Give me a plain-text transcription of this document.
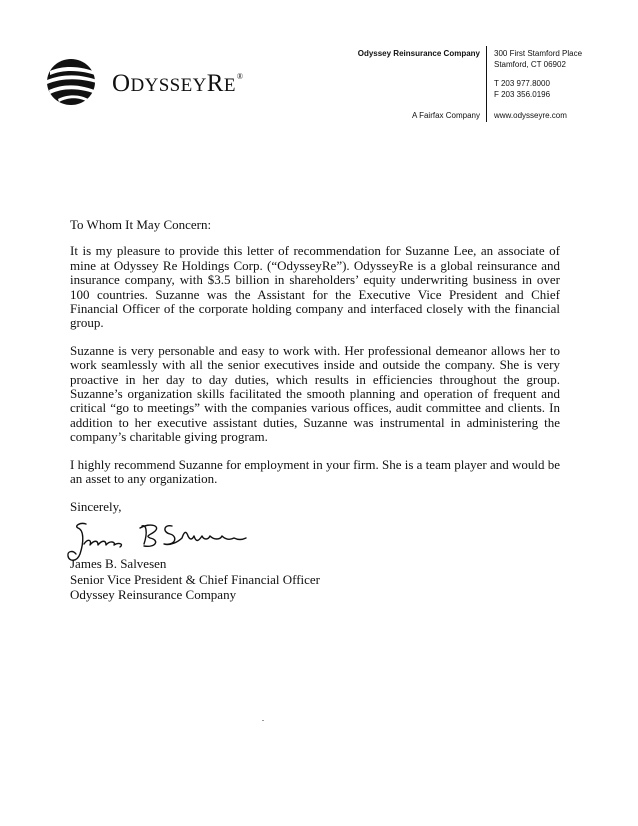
ODYSSEYRE®
Odyssey Reinsurance Company
A Fairfax Company
300 First Stamford Place
Stamford, CT 06902
T 203 977.8000
F 203 356.0196
www.odysseyre.com

To Whom It May Concern:

It is my pleasure to provide this letter of recommendation for Suzanne Lee, an associate of mine at Odyssey Re Holdings Corp. (“OdysseyRe”). OdysseyRe is a global reinsurance and insurance company, with $3.5 billion in shareholders’ equity underwriting business in over 100 countries. Suzanne was the Assistant for the Executive Vice President and Chief Financial Officer of the corporate holding company and interfaced closely with the financial group.

Suzanne is very personable and easy to work with. Her professional demeanor allows her to work seamlessly with all the senior executives inside and outside the company. She is very proactive in her day to day duties, which results in efficiencies throughout the group. Suzanne’s organization skills facilitated the smooth planning and operation of frequent and critical “go to meetings” with the companies various offices, audit committee and clients. In addition to her executive assistant duties, Suzanne was instrumental in administering the company’s charitable giving program.

I highly recommend Suzanne for employment in your firm. She is a team player and would be an asset to any organization.

Sincerely,

James B. Salvesen
Senior Vice President & Chief Financial Officer
Odyssey Reinsurance Company
